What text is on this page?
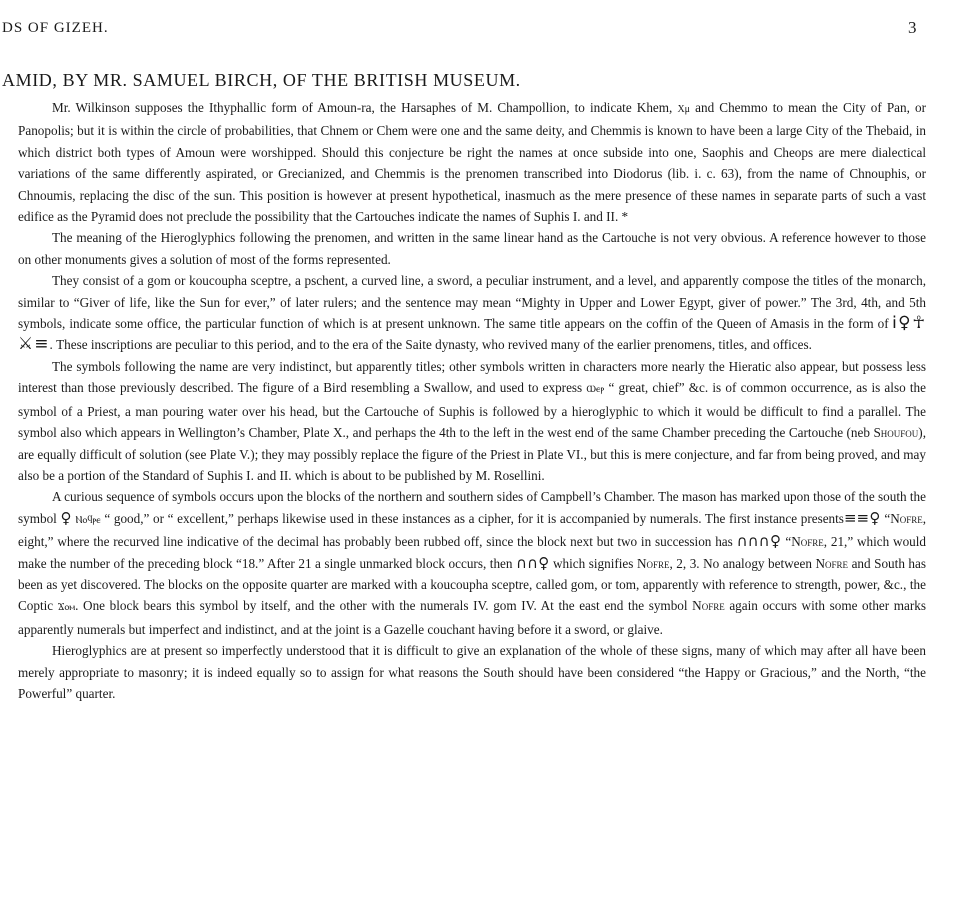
DS OF GIZEH.	3
AMID, BY MR. SAMUEL BIRCH, OF THE BRITISH MUSEUM.

Mr. Wilkinson supposes the Ithyphallic form of Amoun-ra, the Harsaphes of M. Champollion, to indicate Khem, Χμ and Chemmo to mean the City of Pan, or Panopolis; but it is within the circle of probabilities, that Chnem or Chem were one and the same deity, and Chemmis is known to have been a large City of the Thebaid, in which district both types of Amoun were worshipped. Should this conjecture be right the names at once subside into one, Saophis and Cheops are mere dialectical variations of the same differently aspirated, or Grecianized, and Chemmis is the prenomen transcribed into Diodorus (lib. i. c. 63), from the name of Chnouphis, or Chnoumis, replacing the disc of the sun. This position is however at present hypothetical, inasmuch as the mere presence of these names in separate parts of such a vast edifice as the Pyramid does not preclude the possibility that the Cartouches indicate the names of Suphis I. and II. *

The meaning of the Hieroglyphics following the prenomen, and written in the same linear hand as the Cartouche is not very obvious. A reference however to those on other monuments gives a solution of most of the forms represented.

They consist of a gom or koucoupha sceptre, a pschent, a curved line, a sword, a peculiar instrument, and a level, and apparently compose the titles of the monarch, similar to “Giver of life, like the Sun for ever,” of later rulers; and the sentence may mean “Mighty in Upper and Lower Egypt, giver of power.” The 3rd, 4th, and 5th symbols, indicate some office, the particular function of which is at present unknown. The same title appears on the coffin of the Queen of Amasis in the form of Ꭵ♀☥ ⚔≡. These inscriptions are peculiar to this period, and to the era of the Saite dynasty, who revived many of the earlier prenomens, titles, and offices.

The symbols following the name are very indistinct, but apparently titles; other symbols written in characters more nearly the Hieratic also appear, but possess less interest than those previously described. The figure of a Bird resembling a Swallow, and used to express Ⲱⲉⲣ “ great, chief” &c. is of common occurrence, as is also the symbol of a Priest, a man pouring water over his head, but the Cartouche of Suphis is followed by a hieroglyphic to which it would be difficult to find a parallel. The symbol also which appears in Wellington’s Chamber, Plate X., and perhaps the 4th to the left in the west end of the same Chamber preceding the Cartouche (neb Shoufou), are equally difficult of solution (see Plate V.); they may possibly replace the figure of the Priest in Plate VI., but this is mere conjecture, and far from being proved, and may also be a portion of the Standard of Suphis I. and II. which is about to be published by M. Rosellini.

A curious sequence of symbols occurs upon the blocks of the northern and southern sides of Campbell’s Chamber. The mason has marked upon those of the south the symbol ♀ Ⲛⲟϥⲣⲉ “ good,” or “ excellent,” perhaps likewise used in these instances as a cipher, for it is accompanied by numerals. The first instance presents≡≡♀ “Nofre, eight,” where the recurved line indicative of the decimal has probably been rubbed off, since the block next but two in succession has ∩∩∩♀ “Nofre, 21,” which would make the number of the preceding block “18.” After 21 a single unmarked block occurs, then ∩∩♀ which signifies Nofre, 2, 3. No analogy between Nofre and South has been as yet discovered. The blocks on the opposite quarter are marked with a koucoupha sceptre, called gom, or tom, apparently with reference to strength, power, &c., the Coptic Ϫⲟⲙ. One block bears this symbol by itself, and the other with the numerals IV. gom IV. At the east end the symbol Nofre again occurs with some other marks apparently numerals but imperfect and indistinct, and at the joint is a Gazelle couchant having before it a sword, or glaive.

Hieroglyphics are at present so imperfectly understood that it is difficult to give an explanation of the whole of these signs, many of which may after all have been merely appropriate to masonry; it is indeed equally so to assign for what reasons the South should have been considered “the Happy or Gracious,” and the North, “the Powerful” quarter.
